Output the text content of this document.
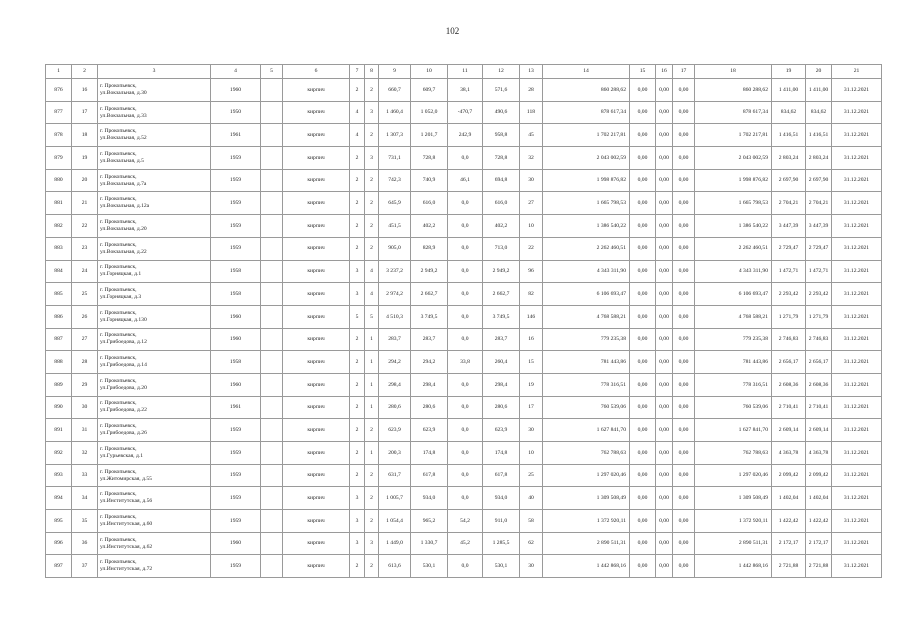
102
1	2	3	4	5	6	7	8	9	10	11	12	13	14	15	16	17	18	19	20	21
876	16	г. Прокопьевск,
ул.Вокзальная, д.30	1960		кирпич	2	2	660,7	609,7	38,1	571,6	28	860 288,62	0,00	0,00	0,00	860 288,62	1 411,00	1 411,00	31.12.2021
877	17	г. Прокопьевск,
ул.Вокзальная, д.33	1950		кирпич	4	3	1 460,4	1 052,0	-470,7	490,6	118	878 617,34	0,00	0,00	0,00	878 617,34	834,62	834,62	31.12.2021
878	18	г. Прокопьевск,
ул.Вокзальная, д.52	1961		кирпич	4	2	1 307,3	1 201,7	242,9	958,8	45	1 702 217,81	0,00	0,00	0,00	1 702 217,81	1 416,51	1 416,51	31.12.2021
879	19	г. Прокопьевск,
ул.Вокзальная, д.5	1959		кирпич	2	3	731,1	728,8	0,0	728,8	32	2 043 002,59	0,00	0,00	0,00	2 043 002,59	2 803,24	2 803,24	31.12.2021
880	20	г. Прокопьевск,
ул.Вокзальная, д.7а	1959		кирпич	2	2	742,3	740,9	46,1	694,8	30	1 998 876,82	0,00	0,00	0,00	1 998 876,82	2 697,90	2 697,90	31.12.2021
881	21	г. Прокопьевск,
ул.Вокзальная, д.12а	1959		кирпич	2	2	645,9	616,0	0,0	616,0	27	1 665 798,53	0,00	0,00	0,00	1 665 798,53	2 704,21	2 704,21	31.12.2021
882	22	г. Прокопьевск,
ул.Вокзальная, д.20	1959		кирпич	2	2	451,5	402,2	0,0	402,2	10	1 386 540,22	0,00	0,00	0,00	1 386 540,22	3 447,39	3 447,39	31.12.2021
883	23	г. Прокопьевск,
ул.Вокзальная, д.22	1959		кирпич	2	2	905,0	828,9	0,0	713,0	22	2 262 460,51	0,00	0,00	0,00	2 262 460,51	2 729,47	2 729,47	31.12.2021
884	24	г. Прокопьевск,
ул.Горняцкая, д.1	1958		кирпич	3	4	3 237,2	2 949,2	0,0	2 949,2	96	4 343 311,90	0,00	0,00	0,00	4 343 311,90	1 472,71	1 472,71	31.12.2021
885	25	г. Прокопьевск,
ул.Горняцкая, д.3	1958		кирпич	3	4	2 974,2	2 662,7	0,0	2 662,7	82	6 106 693,47	0,00	0,00	0,00	6 106 693,47	2 293,42	2 293,42	31.12.2021
886	26	г. Прокопьевск,
ул.Горняцкая, д.130	1960		кирпич	5	5	4 510,3	3 749,5	0,0	3 749,5	146	4 768 588,21	0,00	0,00	0,00	4 768 588,21	1 271,79	1 271,79	31.12.2021
887	27	г. Прокопьевск,
ул.Грибоедова, д.12	1960		кирпич	2	1	283,7	283,7	0,0	283,7	16	779 235,38	0,00	0,00	0,00	779 235,38	2 746,83	2 746,83	31.12.2021
888	28	г. Прокопьевск,
ул.Грибоедова, д.14	1958		кирпич	2	1	294,2	294,2	33,8	260,4	15	781 443,86	0,00	0,00	0,00	781 443,86	2 656,17	2 656,17	31.12.2021
889	29	г. Прокопьевск,
ул.Грибоедова, д.20	1960		кирпич	2	1	298,4	298,4	0,0	298,4	19	778 316,51	0,00	0,00	0,00	778 316,51	2 608,36	2 608,36	31.12.2021
890	30	г. Прокопьевск,
ул.Грибоедова, д.22	1961		кирпич	2	1	280,6	280,6	0,0	280,6	17	760 539,06	0,00	0,00	0,00	760 539,06	2 710,41	2 710,41	31.12.2021
891	31	г. Прокопьевск,
ул.Грибоедова, д.26	1959		кирпич	2	2	623,9	623,9	0,0	623,9	30	1 627 841,70	0,00	0,00	0,00	1 627 841,70	2 609,14	2 609,14	31.12.2021
892	32	г. Прокопьевск,
ул.Гурьевская, д.1	1959		кирпич	2	1	200,3	174,8	0,0	174,8	10	762 788,63	0,00	0,00	0,00	762 788,63	4 363,78	4 363,78	31.12.2021
893	33	г. Прокопьевск,
ул.Житомирская, д.55	1959		кирпич	2	2	631,7	617,8	0,0	617,8	25	1 297 020,46	0,00	0,00	0,00	1 297 020,46	2 099,42	2 099,42	31.12.2021
894	34	г. Прокопьевск,
ул.Институтская, д.56	1959		кирпич	3	2	1 005,7	934,0	0,0	934,0	40	1 309 508,49	0,00	0,00	0,00	1 309 508,49	1 402,04	1 402,04	31.12.2021
895	35	г. Прокопьевск,
ул.Институтская, д.60	1959		кирпич	3	2	1 054,4	965,2	54,2	911,0	58	1 372 920,11	0,00	0,00	0,00	1 372 920,11	1 422,42	1 422,42	31.12.2021
896	36	г. Прокопьевск,
ул.Институтская, д.62	1960		кирпич	3	3	1 449,0	1 330,7	45,2	1 285,5	62	2 890 511,31	0,00	0,00	0,00	2 890 511,31	2 172,17	2 172,17	31.12.2021
897	37	г. Прокопьевск,
ул.Институтская, д.72	1959		кирпич	2	2	613,6	530,1	0,0	530,1	30	1 442 868,16	0,00	0,00	0,00	1 442 868,16	2 721,88	2 721,88	31.12.2021
